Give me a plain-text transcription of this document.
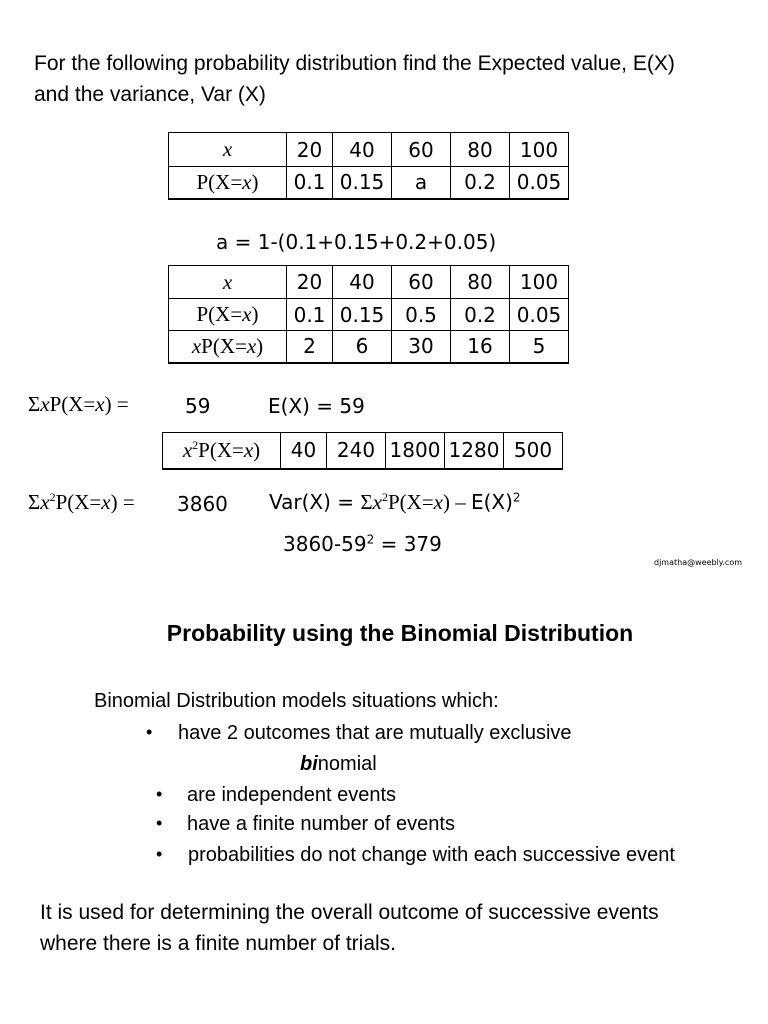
For the following probability distribution find the Expected value, E(X)
and the variance, Var (X)
x	20	40	60	80	100
P(X=x)	0.1	0.15	a	0.2	0.05
a = 1-(0.1+0.15+0.2+0.05)
x	20	40	60	80	100
P(X=x)	0.1	0.15	0.5	0.2	0.05
xP(X=x)	2	6	30	16	5
ΣxP(X=x) =	59	E(X) = 59
$x^2P(X=x)$	40	240	1800	1280	500
$\Sigma x^2P(X=x) = 3860$ $Var(X) = \Sigma x^2P(X=x) - E(X)^2$
$3860-59^2 = 379$
djmatha@weebly.com
Probability using the Binomial Distribution
Binomial Distribution models situations which:
• have 2 outcomes that are mutually exclusive
binomial
• are independent events
• have a finite number of events
• probabilities do not change with each successive event
It is used for determining the overall outcome of successive events
where there is a finite number of trials.
